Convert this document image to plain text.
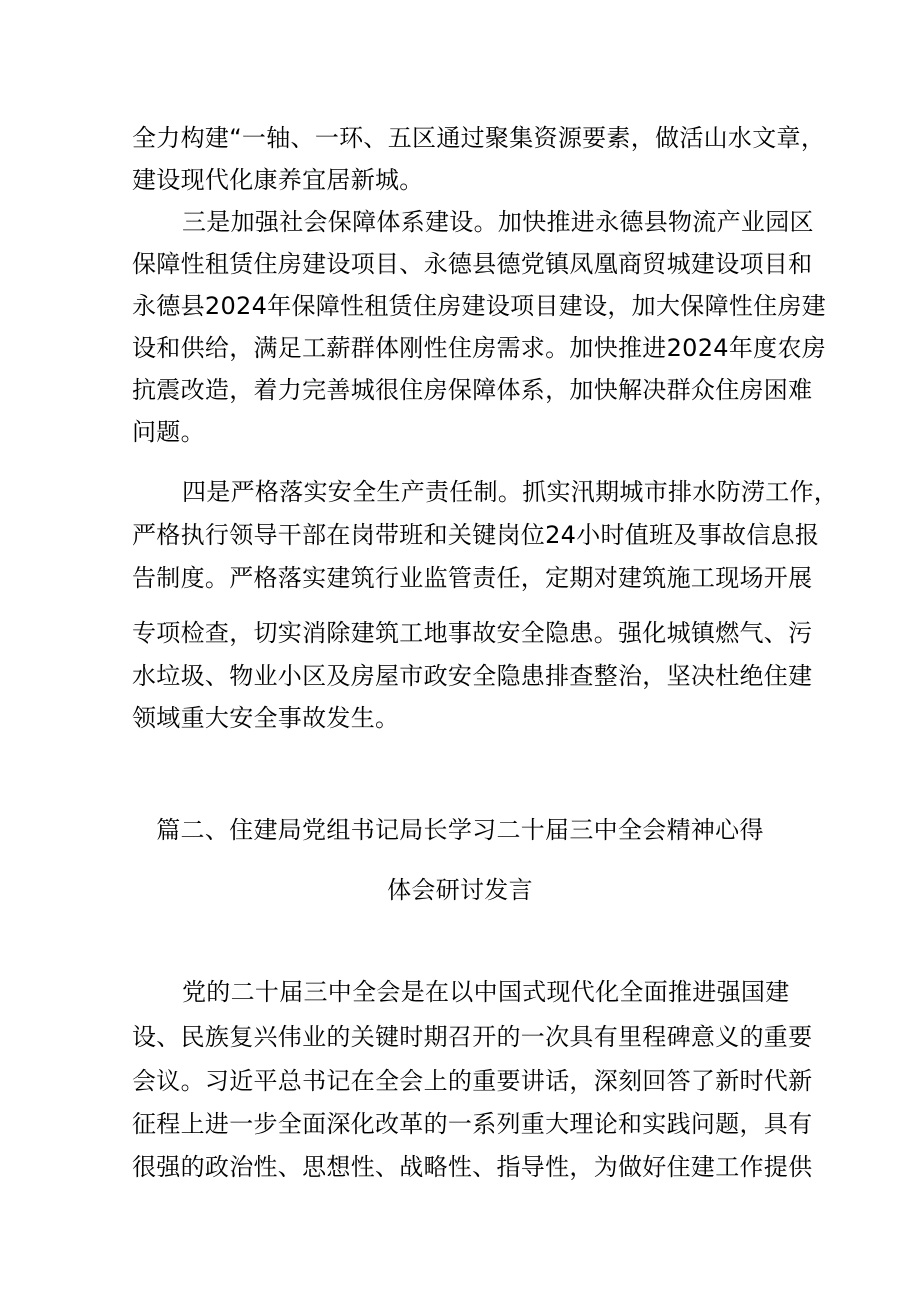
全力构建“一轴、一环、五区通过聚集资源要素，做活山水文章，
建设现代化康养宜居新城。
三是加强社会保障体系建设。加快推进永德县物流产业园区
保障性租赁住房建设项目、永德县德党镇凤凰商贸城建设项目和
永德县2024年保障性租赁住房建设项目建设，加大保障性住房建
设和供给，满足工薪群体刚性住房需求。加快推进2024年度农房
抗震改造，着力完善城很住房保障体系，加快解决群众住房困难
问题。
四是严格落实安全生产责任制。抓实汛期城市排水防涝工作，
严格执行领导干部在岗带班和关键岗位24小时值班及事故信息报
告制度。严格落实建筑行业监管责任，定期对建筑施工现场开展
专项检查，切实消除建筑工地事故安全隐患。强化城镇燃气、污
水垃圾、物业小区及房屋市政安全隐患排查整治，坚决杜绝住建
领域重大安全事故发生。
篇二、住建局党组书记局长学习二十届三中全会精神心得
体会研讨发言
党的二十届三中全会是在以中国式现代化全面推进强国建
设、民族复兴伟业的关键时期召开的一次具有里程碑意义的重要
会议。习近平总书记在全会上的重要讲话，深刻回答了新时代新
征程上进一步全面深化改革的一系列重大理论和实践问题，具有
很强的政治性、思想性、战略性、指导性，为做好住建工作提供
